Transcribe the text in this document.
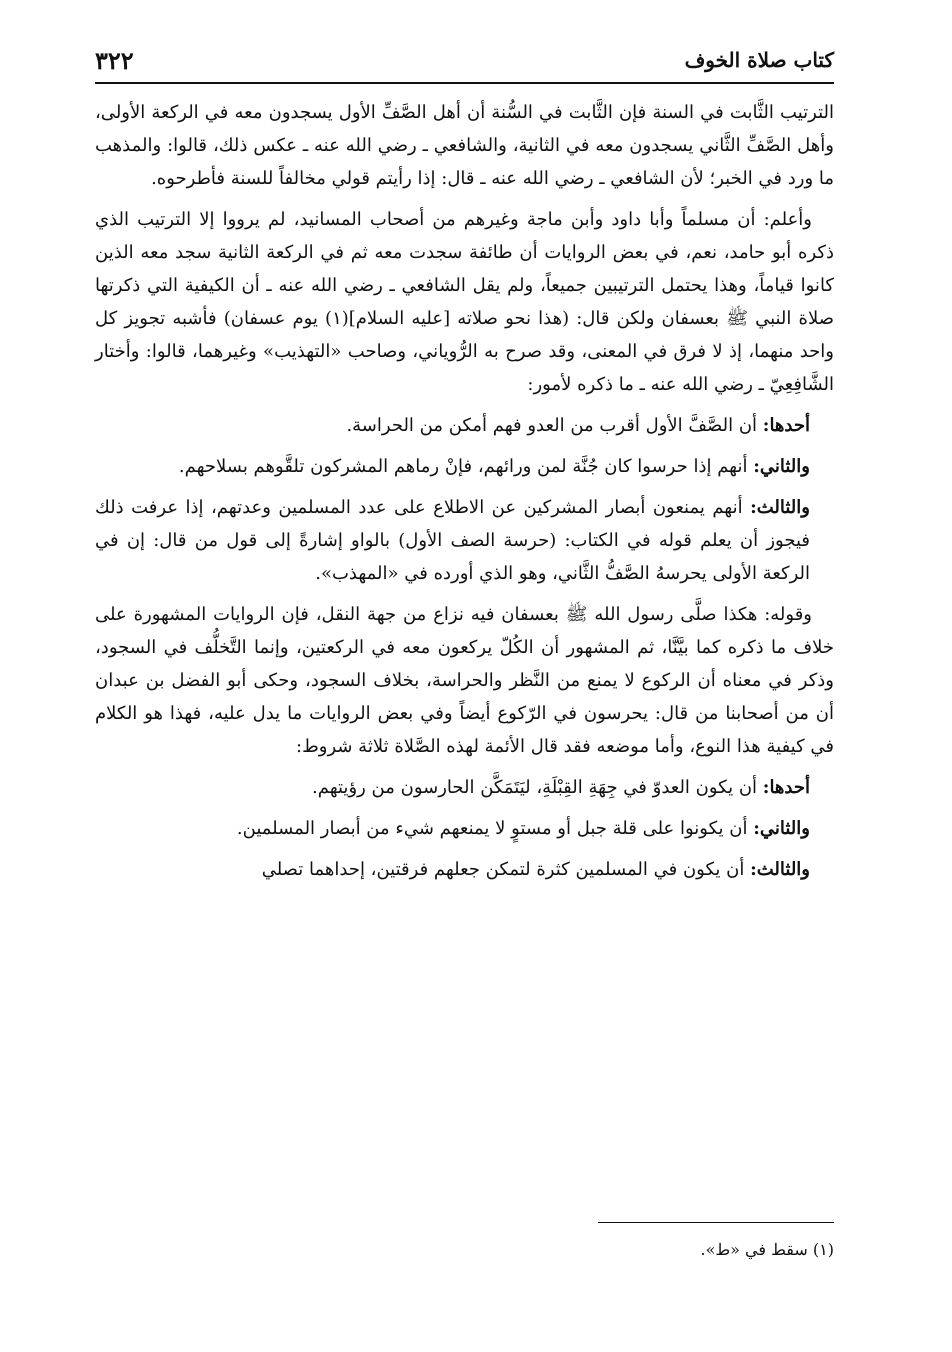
٣٢٢	كتاب صلاة الخوف

الترتيب الثَّابت في السنة فإن الثَّابت في السُّنة أن أهل الصَّفِّ الأول يسجدون معه في الركعة الأولى، وأهل الصَّفِّ الثَّاني يسجدون معه في الثانية، والشافعي ـ رضي الله عنه ـ عكس ذلك، قالوا: والمذهب ما ورد في الخبر؛ لأن الشافعي ـ رضي الله عنه ـ قال: إذا رأيتم قولي مخالفاً للسنة فأطرحوه.

وأعلم: أن مسلماً وأبا داود وأبن ماجة وغيرهم من أصحاب المسانيد، لم يرووا إلا الترتيب الذي ذكره أبو حامد، نعم، في بعض الروايات أن طائفة سجدت معه ثم في الركعة الثانية سجد معه الذين كانوا قياماً، وهذا يحتمل الترتيبين جميعاً، ولم يقل الشافعي ـ رضي الله عنه ـ أن الكيفية التي ذكرتها صلاة النبي ﷺ بعسفان ولكن قال: (هذا نحو صلاته [عليه السلام](١) يوم عسفان) فأشبه تجويز كل واحد منهما، إذ لا فرق في المعنى، وقد صرح به الرُّوياني، وصاحب «التهذيب» وغيرهما، قالوا: وأختار الشَّافِعِيّ ـ رضي الله عنه ـ ما ذكره لأمور:

أحدها: أن الصَّفَّ الأول أقرب من العدو فهم أمكن من الحراسة.

والثاني: أنهم إذا حرسوا كان جُنَّة لمن ورائهم، فإنْ رماهم المشركون تلقَّوهم بسلاحهم.

والثالث: أنهم يمنعون أبصار المشركين عن الاطلاع على عدد المسلمين وعدتهم، إذا عرفت ذلك فيجوز أن يعلم قوله في الكتاب: (حرسة الصف الأول) بالواو إشارةً إلى قول من قال: إن في الركعة الأولى يحرسهُ الصَّفُّ الثَّاني، وهو الذي أورده في «المهذب».

وقوله: هكذا صلَّى رسول الله ﷺ بعسفان فيه نزاع من جهة النقل، فإن الروايات المشهورة على خلاف ما ذكره كما بيَّنَّا، ثم المشهور أن الكُلّ يركعون معه في الركعتين، وإنما التَّخلُّف في السجود، وذكر في معناه أن الركوع لا يمنع من النَّظر والحراسة، بخلاف السجود، وحكى أبو الفضل بن عبدان أن من أصحابنا من قال: يحرسون في الرّكوع أيضاً وفي بعض الروايات ما يدل عليه، فهذا هو الكلام في كيفية هذا النوع، وأما موضعه فقد قال الأئمة لهذه الصَّلاة ثلاثة شروط:

أحدها: أن يكون العدوّ في جِهَةِ القِبْلَةِ، ليَتَمَكَّن الحارسون من رؤيتهم.

والثاني: أن يكونوا على قلة جبل أو مستوٍ لا يمنعهم شيء من أبصار المسلمين.

والثالث: أن يكون في المسلمين كثرة لتمكن جعلهم فرقتين، إحداهما تصلي

(١) سقط في «ط».
